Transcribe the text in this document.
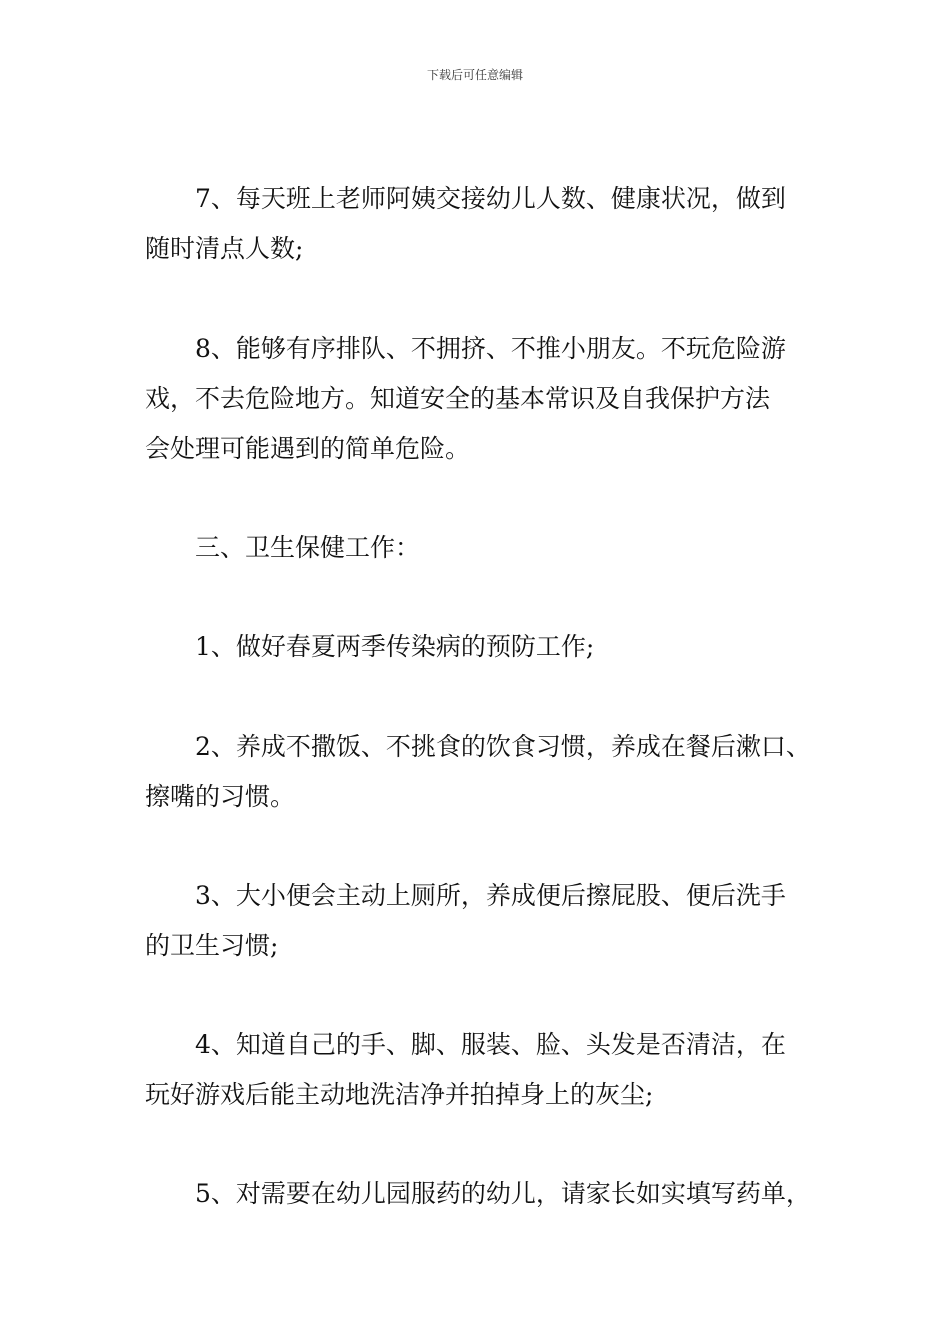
下载后可任意编辑
7、每天班上老师阿姨交接幼儿人数、健康状况，做到
随时清点人数;
8、能够有序排队、不拥挤、不推小朋友。不玩危险游
戏，不去危险地方。知道安全的基本常识及自我保护方法
会处理可能遇到的简单危险。
三、卫生保健工作：
1、做好春夏两季传染病的预防工作;
2、养成不撒饭、不挑食的饮食习惯，养成在餐后漱口、
擦嘴的习惯。
3、大小便会主动上厕所，养成便后擦屁股、便后洗手
的卫生习惯;
4、知道自己的手、脚、服装、脸、头发是否清洁，在
玩好游戏后能主动地洗洁净并拍掉身上的灰尘;
5、对需要在幼儿园服药的幼儿，请家长如实填写药单，
